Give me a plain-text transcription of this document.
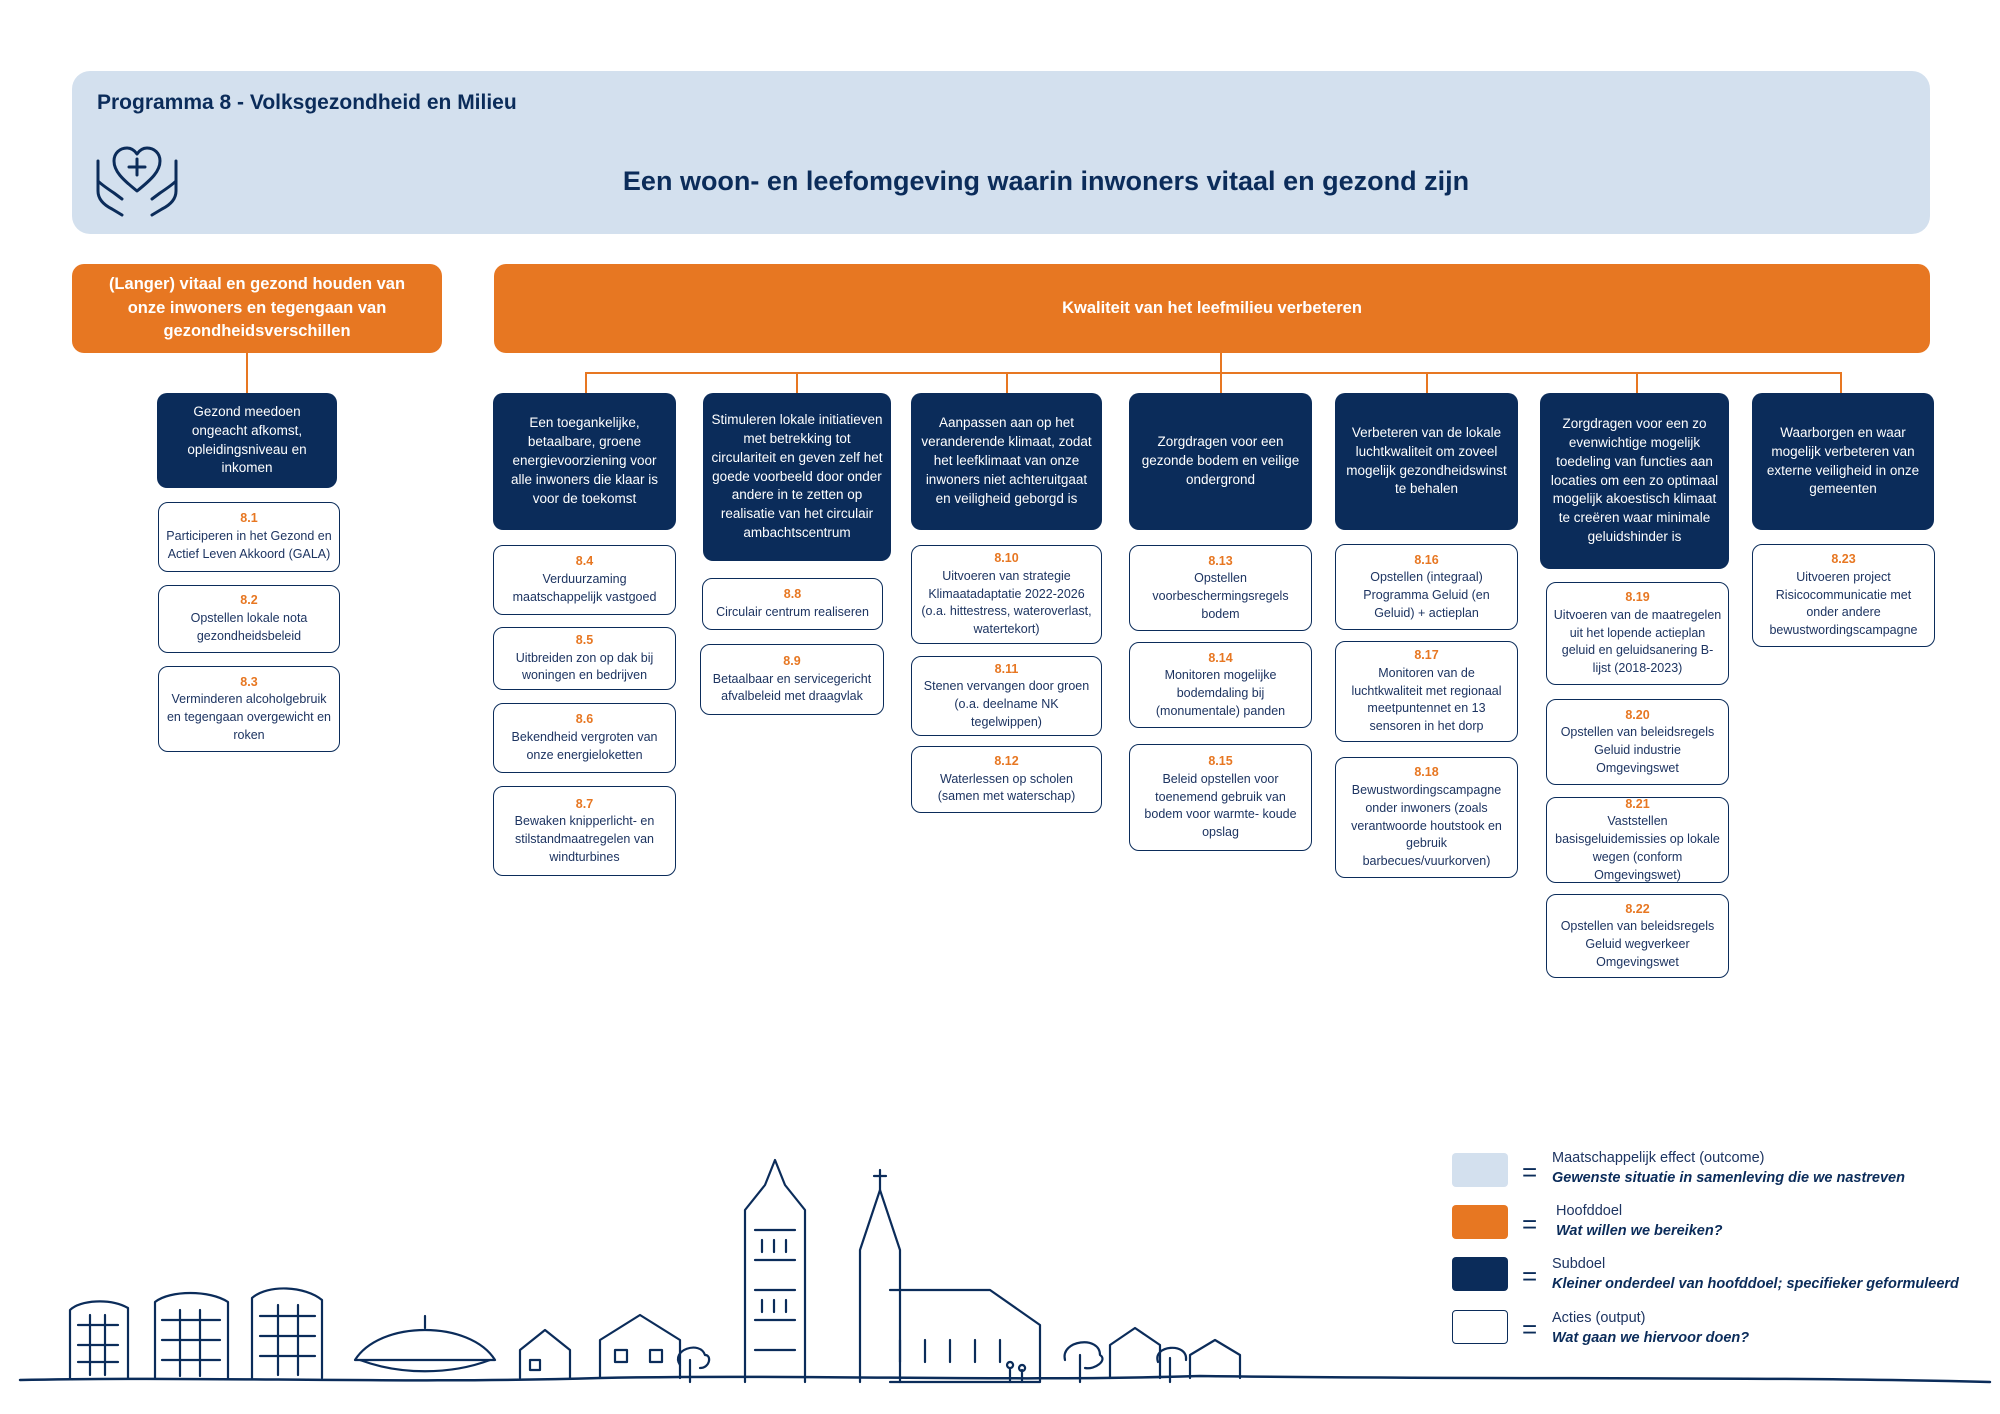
Programma 8 - Volksgezondheid en Milieu
Een woon- en leefomgeving waarin inwoners vitaal en gezond zijn
(Langer) vitaal en gezond houden van onze inwoners en tegengaan van gezondheidsverschillen
Kwaliteit van het leefmilieu verbeteren
Gezond meedoen ongeacht afkomst, opleidingsniveau en inkomen
Een toegankelijke, betaalbare, groene energievoorziening voor alle inwoners die klaar is voor de toekomst
Stimuleren lokale initiatieven met betrekking tot circulariteit en geven zelf het goede voorbeeld door onder andere in te zetten op realisatie van het circulair ambachtscentrum
Aanpassen aan op het veranderende klimaat, zodat het leefklimaat van onze inwoners niet achteruitgaat en veiligheid geborgd is
Zorgdragen voor een gezonde bodem en veilige ondergrond
Verbeteren van de lokale luchtkwaliteit om zoveel mogelijk gezondheidswinst te behalen
Zorgdragen voor een zo evenwichtige mogelijk toedeling van functies aan locaties om een zo optimaal mogelijk akoestisch klimaat te creëren waar minimale geluidshinder is
Waarborgen en waar mogelijk verbeteren van externe veiligheid in onze gemeenten
8.1
Participeren in het Gezond en Actief Leven Akkoord (GALA)
8.2
Opstellen lokale nota gezondheidsbeleid
8.3
Verminderen alcoholgebruik en tegengaan overgewicht en roken
8.4
Verduurzaming maatschappelijk vastgoed
8.5
Uitbreiden zon op dak bij woningen en bedrijven
8.6
Bekendheid vergroten van onze energieloketten
8.7
Bewaken knipperlicht- en stilstandmaatregelen van windturbines
8.8
Circulair centrum realiseren
8.9
Betaalbaar en servicegericht afvalbeleid met draagvlak
8.10
Uitvoeren van strategie Klimaatadaptatie 2022-2026 (o.a. hittestress, wateroverlast, watertekort)
8.11
Stenen vervangen door groen (o.a. deelname NK tegelwippen)
8.12
Waterlessen op scholen (samen met waterschap)
8.13
Opstellen voorbeschermingsregels bodem
8.14
Monitoren mogelijke bodemdaling bij (monumentale) panden
8.15
Beleid opstellen voor toenemend gebruik van bodem voor warmte- koude opslag
8.16
Opstellen (integraal) Programma Geluid (en Geluid) + actieplan
8.17
Monitoren van de luchtkwaliteit met regionaal meetpuntennet en 13 sensoren in het dorp
8.18
Bewustwordingscampagne onder inwoners (zoals verantwoorde houtstook en gebruik barbecues/vuurkorven)
8.19
Uitvoeren van de maatregelen uit het lopende actieplan geluid en geluidsanering B-lijst (2018-2023)
8.20
Opstellen van beleidsregels Geluid industrie Omgevingswet
8.21
Vaststellen basisgeluidemissies op lokale wegen (conform Omgevingswet)
8.22
Opstellen van beleidsregels Geluid wegverkeer Omgevingswet
8.23
Uitvoeren project Risicocommunicatie met onder andere bewustwordingscampagne
= Maatschappelijk effect (outcome)
Gewenste situatie in samenleving die we nastreven
= Hoofddoel
Wat willen we bereiken?
= Subdoel
Kleiner onderdeel van hoofddoel; specifieker geformuleerd
= Acties (output)
Wat gaan we hiervoor doen?
